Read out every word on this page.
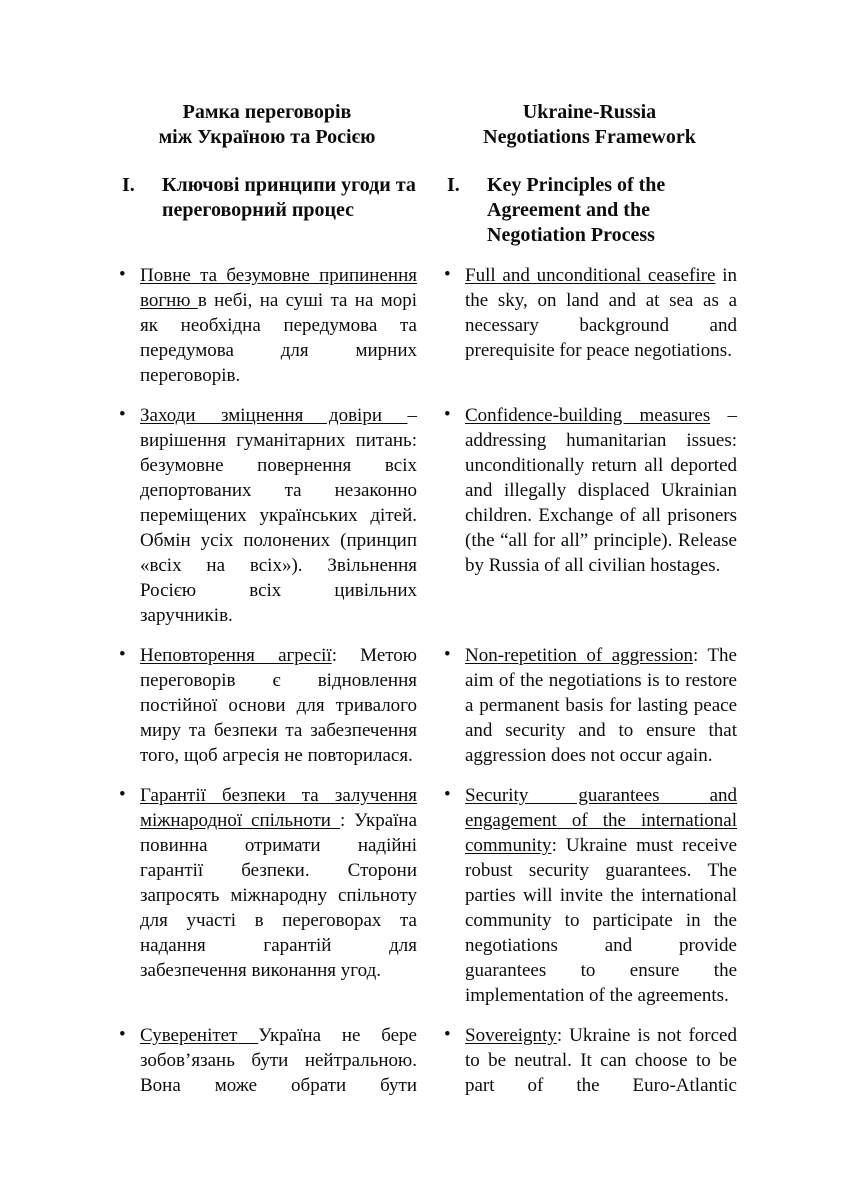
Рамка переговорів
між Україною та Росією
Ukraine-Russia
Negotiations Framework
I.	Ключові принципи угоди та
переговорний процес
I.	Key Principles of the
Agreement and the
Negotiation Process
• Повне та безумовне припинення вогню в небі, на суші та на морі як необхідна передумова та передумова для мирних переговорів.
• Full and unconditional ceasefire in the sky, on land and at sea as a necessary background and prerequisite for peace negotiations.
• Заходи зміцнення довіри – вирішення гуманітарних питань: безумовне повернення всіх депортованих та незаконно переміщених українських дітей. Обмін усіх полонених (принцип «всіх на всіх»). Звільнення Росією всіх цивільних заручників.
• Confidence-building measures – addressing humanitarian issues: unconditionally return all deported and illegally displaced Ukrainian children. Exchange of all prisoners (the “all for all” principle). Release by Russia of all civilian hostages.
• Неповторення агресії: Метою переговорів є відновлення постійної основи для тривалого миру та безпеки та забезпечення того, щоб агресія не повторилася.
• Non-repetition of aggression: The aim of the negotiations is to restore a permanent basis for lasting peace and security and to ensure that aggression does not occur again.
• Гарантії безпеки та залучення міжнародної спільноти : Україна повинна отримати надійні гарантії безпеки. Сторони запросять міжнародну спільноту для участі в переговорах та надання гарантій для забезпечення виконання угод.
• Security guarantees and engagement of the international community: Ukraine must receive robust security guarantees. The parties will invite the international community to participate in the negotiations and provide guarantees to ensure the implementation of the agreements.
• Суверенітет Україна не бере зобов’язань бути нейтральною. Вона може обрати бути
• Sovereignty: Ukraine is not forced to be neutral. It can choose to be part of the Euro-Atlantic
